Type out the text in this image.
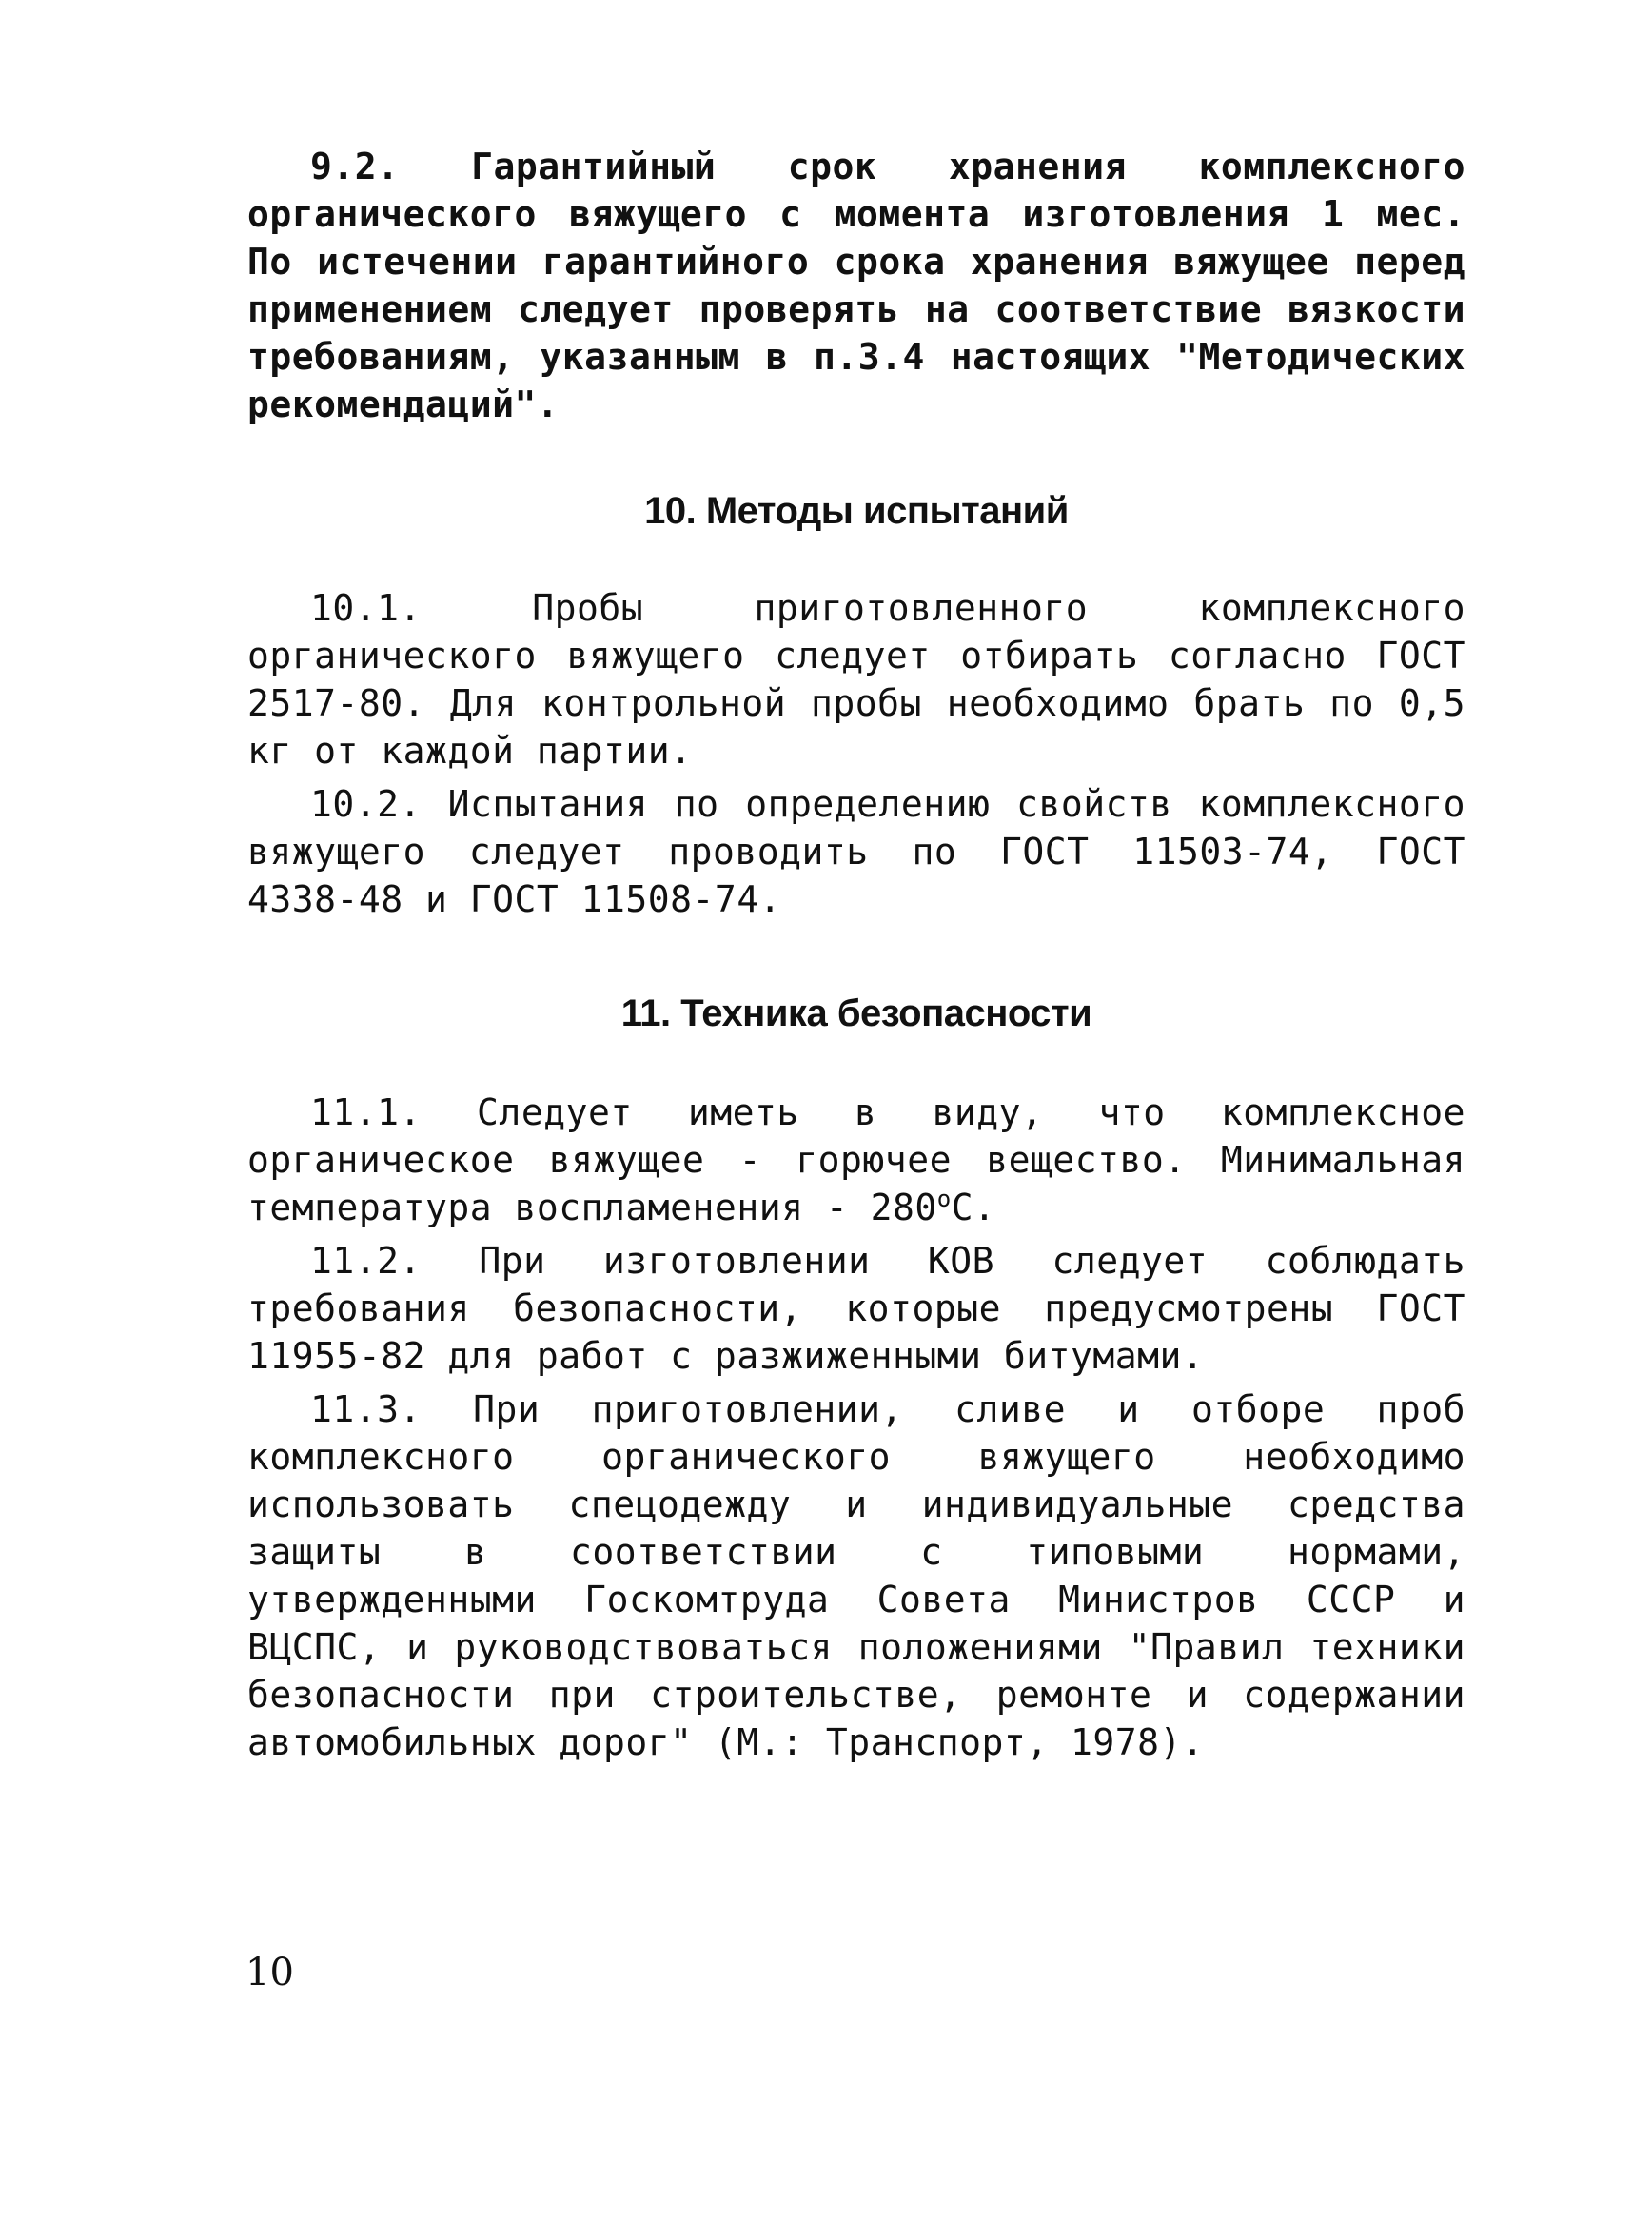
9.2. Гарантийный срок хранения комплексного органического вяжущего с момента изготовления 1 мес. По истечении гарантийного срока хранения вяжущее перед применением следует проверять на соответствие вязкости требованиям, указанным в п.3.4 настоящих "Методических рекомендаций".

10. Методы испытаний

10.1. Пробы приготовленного комплексного органического вяжущего следует отбирать согласно ГОСТ 2517-80. Для контрольной пробы необходимо брать по 0,5 кг от каждой партии.

10.2. Испытания по определению свойств комплексного вяжущего следует проводить по ГОСТ 11503-74, ГОСТ 4338-48 и ГОСТ 11508-74.

11. Техника безопасности

11.1. Следует иметь в виду, что комплексное органическое вяжущее - горючее вещество. Минимальная температура воспламенения - $280^оС$.

11.2. При изготовлении КОВ следует соблюдать требования безопасности, которые предусмотрены ГОСТ 11955-82 для работ с разжиженными битумами.

11.3. При приготовлении, сливе и отборе проб комплексного органического вяжущего необходимо использовать спецодежду и индивидуальные средства защиты в соответствии с типовыми нормами, утвержденными Госкомтруда Совета Министров СССР и ВЦСПС, и руководствоваться положениями "Правил техники безопасности при строительстве, ремонте и содержании автомобильных дорог" (М.: Транспорт, 1978).

10
